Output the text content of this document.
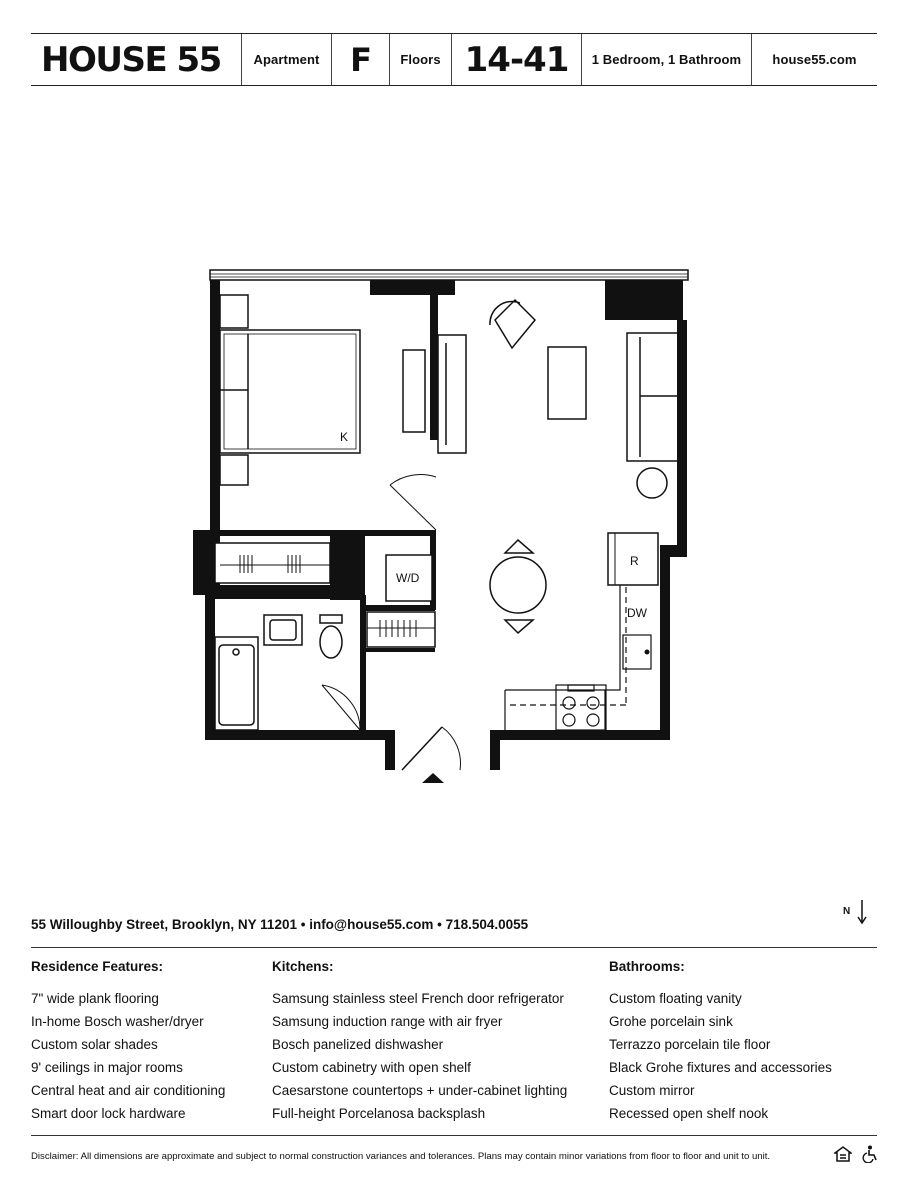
HOUSE 55	Apartment F Floors 14-41 1 Bedroom, 1 Bathroom house55.com
K
R
DW
W/D
55 Willoughby Street, Brooklyn, NY 11201 • info@house55.com • 718.504.0055
N
Residence Features:
7" wide plank flooring
In-home Bosch washer/dryer
Custom solar shades
9' ceilings in major rooms
Central heat and air conditioning
Smart door lock hardware
Kitchens:
Samsung stainless steel French door refrigerator
Samsung induction range with air fryer
Bosch panelized dishwasher
Custom cabinetry with open shelf
Caesarstone countertops + under-cabinet lighting
Full-height Porcelanosa backsplash
Bathrooms:
Custom floating vanity
Grohe porcelain sink
Terrazzo porcelain tile floor
Black Grohe fixtures and accessories
Custom mirror
Recessed open shelf nook
Disclaimer: All dimensions are approximate and subject to normal construction variances and tolerances. Plans may contain minor variations from floor to floor and unit to unit.
